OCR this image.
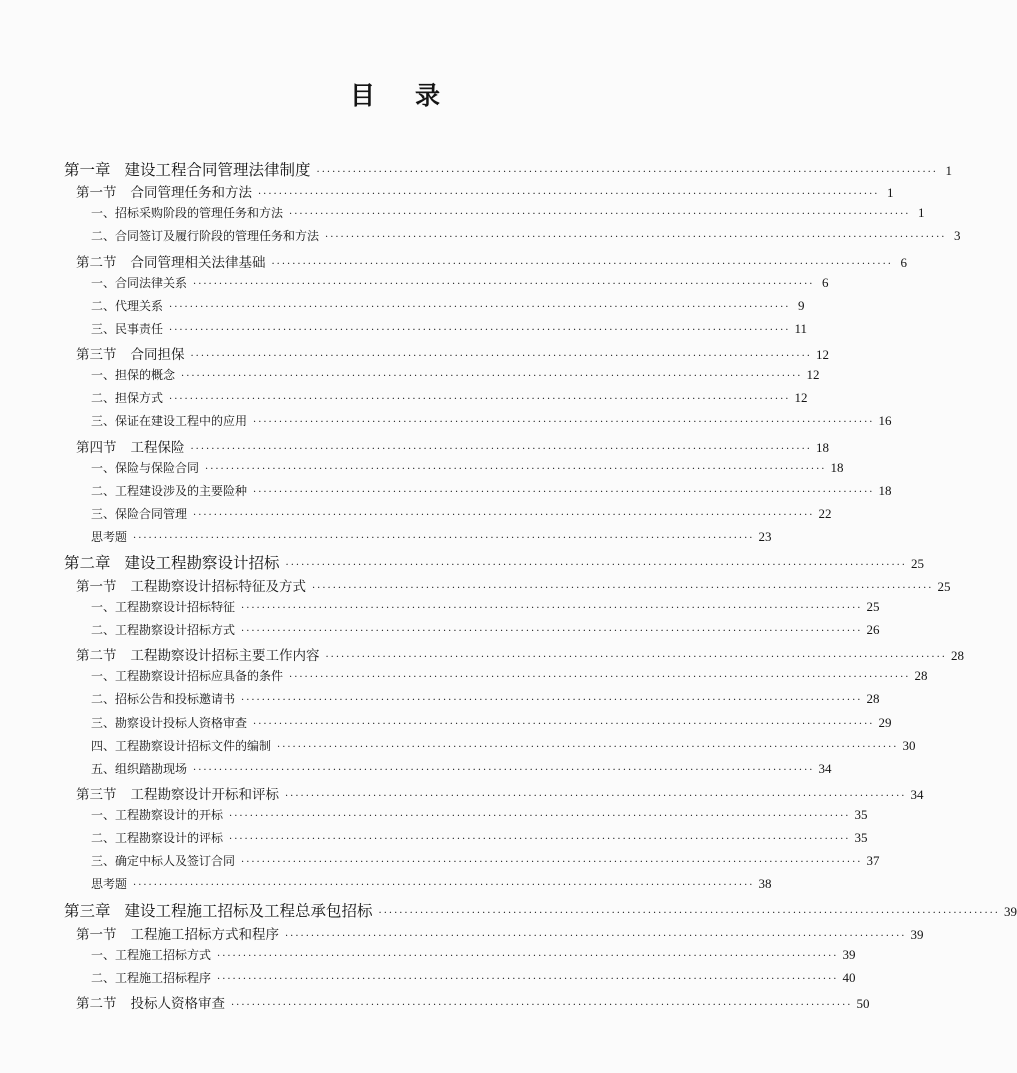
目 录
第一章 建设工程合同管理法律制度 ························································································································ 1
第一节 合同管理任务和方法 ························································································································ 1
一、招标采购阶段的管理任务和方法 ························································································································ 1
二、合同签订及履行阶段的管理任务和方法 ························································································································ 3
第二节 合同管理相关法律基础 ························································································································ 6
一、合同法律关系 ························································································································ 6
二、代理关系 ························································································································ 9
三、民事责任 ························································································································ 11
第三节 合同担保 ························································································································ 12
一、担保的概念 ························································································································ 12
二、担保方式 ························································································································ 12
三、保证在建设工程中的应用 ························································································································ 16
第四节 工程保险 ························································································································ 18
一、保险与保险合同 ························································································································ 18
二、工程建设涉及的主要险种 ························································································································ 18
三、保险合同管理 ························································································································ 22
思考题 ························································································································ 23
第二章 建设工程勘察设计招标 ························································································································ 25
第一节 工程勘察设计招标特征及方式 ························································································································ 25
一、工程勘察设计招标特征 ························································································································ 25
二、工程勘察设计招标方式 ························································································································ 26
第二节 工程勘察设计招标主要工作内容 ························································································································ 28
一、工程勘察设计招标应具备的条件 ························································································································ 28
二、招标公告和投标邀请书 ························································································································ 28
三、勘察设计投标人资格审查 ························································································································ 29
四、工程勘察设计招标文件的编制 ························································································································ 30
五、组织踏勘现场 ························································································································ 34
第三节 工程勘察设计开标和评标 ························································································································ 34
一、工程勘察设计的开标 ························································································································ 35
二、工程勘察设计的评标 ························································································································ 35
三、确定中标人及签订合同 ························································································································ 37
思考题 ························································································································ 38
第三章 建设工程施工招标及工程总承包招标 ························································································································ 39
第一节 工程施工招标方式和程序 ························································································································ 39
一、工程施工招标方式 ························································································································ 39
二、工程施工招标程序 ························································································································ 40
第二节 投标人资格审查 ························································································································ 50
